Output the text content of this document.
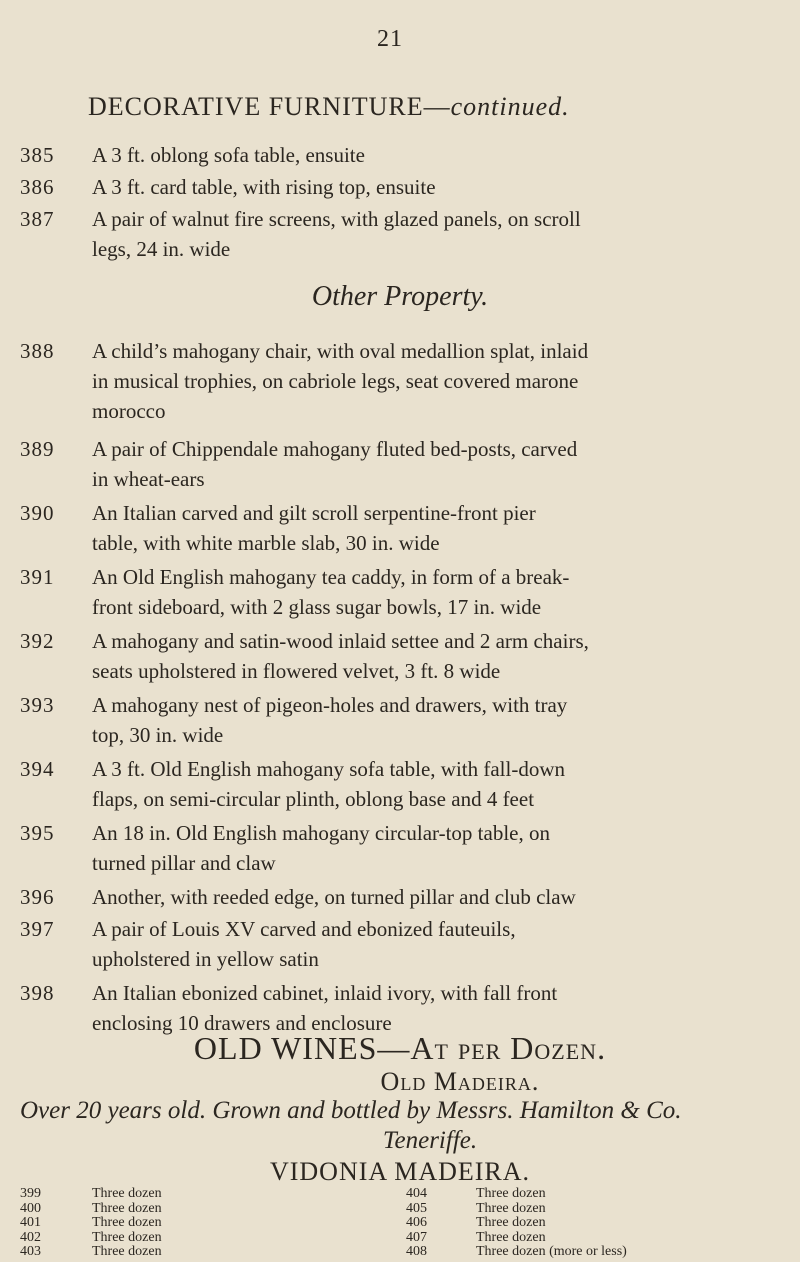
21
DECORATIVE FURNITURE—continued.
385	A 3 ft. oblong sofa table, ensuite
386	A 3 ft. card table, with rising top, ensuite
387	A pair of walnut fire screens, with glazed panels, on scroll
legs, 24 in. wide
Other Property.
388	A child’s mahogany chair, with oval medallion splat, inlaid
in musical trophies, on cabriole legs, seat covered marone
morocco
389	A pair of Chippendale mahogany fluted bed-posts, carved
in wheat-ears
390	An Italian carved and gilt scroll serpentine-front pier
table, with white marble slab, 30 in. wide
391	An Old English mahogany tea caddy, in form of a break-
front sideboard, with 2 glass sugar bowls, 17 in. wide
392	A mahogany and satin-wood inlaid settee and 2 arm chairs,
seats upholstered in flowered velvet, 3 ft. 8 wide
393	A mahogany nest of pigeon-holes and drawers, with tray
top, 30 in. wide
394	A 3 ft. Old English mahogany sofa table, with fall-down
flaps, on semi-circular plinth, oblong base and 4 feet
395	An 18 in. Old English mahogany circular-top table, on
turned pillar and claw
396	Another, with reeded edge, on turned pillar and club claw
397	A pair of Louis XV carved and ebonized fauteuils,
upholstered in yellow satin
398	An Italian ebonized cabinet, inlaid ivory, with fall front
enclosing 10 drawers and enclosure
OLD WINES—At per Dozen.
Old Madeira.
Over 20 years old. Grown and bottled by Messrs. Hamilton & Co.
Teneriffe.
VIDONIA MADEIRA.
399	Three dozen	404	Three dozen
400	Three dozen	405	Three dozen
401	Three dozen	406	Three dozen
402	Three dozen	407	Three dozen
403	Three dozen	408	Three dozen (more or less)
